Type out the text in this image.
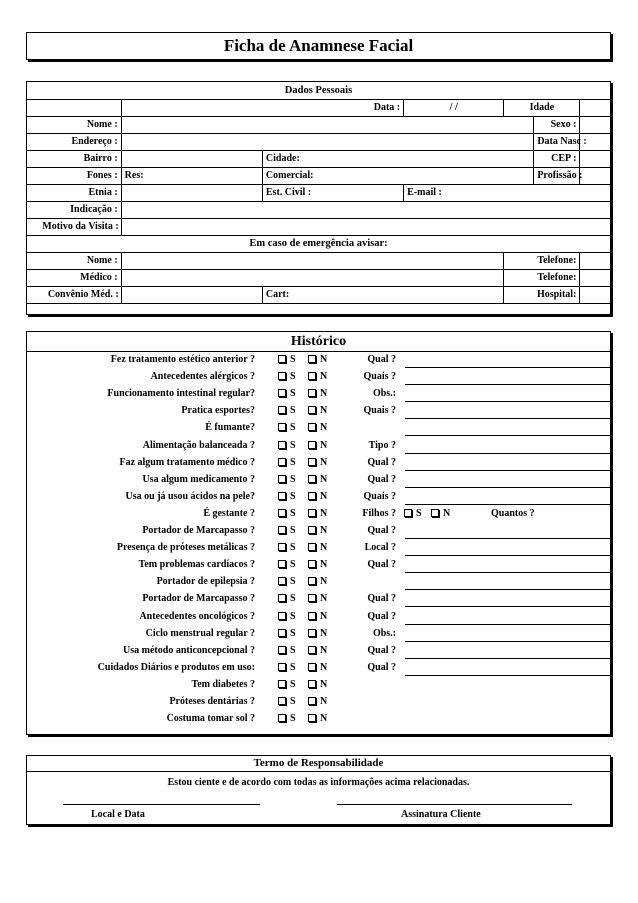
Ficha de Anamnese Facial
Dados Pessoais						
		Data :	/ /	Idade		
Nome :					Sexo :	
Endereço :					Data Nasc :	
Bairro :		Cidade:			CEP :	
Fones :	Res:	Comercial:			Profissão :	
Etnia :		Est. Civil :	E-mail :			
Indicação :						
Motivo da Visita :						
Em caso de emergência avisar:						
Nome :				Telefone:		
Médico :				Telefone:		
Convênio Méd. :		Cart:		Hospital:		
Histórico
Fez tratamento estético anterior ?	S	N	Qual ?
Antecedentes alérgicos ?	S	N	Quais ?
Funcionamento intestinal regular?	S	N	Obs.:
Pratica esportes?	S	N	Quais ?
É fumante?	S	N
Alimentação balanceada ?	S	N	Tipo ?
Faz algum tratamento médico ?	S	N	Qual ?
Usa algum medicamento ?	S	N	Qual ?
Usa ou já usou ácidos na pele?	S	N	Quais ?
É gestante ?	S	N	Filhos ?	S	N	Quantos ?
Portador de Marcapasso ?	S	N	Qual ?
Presença de próteses metálicas ?	S	N	Local ?
Tem problemas cardíacos ?	S	N	Qual ?
Portador de epilepsia ?	S	N
Portador de Marcapasso ?	S	N	Qual ?
Antecedentes oncológicos ?	S	N	Qual ?
Ciclo menstrual regular ?	S	N	Obs.:
Usa método anticoncepcional ?	S	N	Qual ?
Cuidados Diários e produtos em uso:	S	N	Qual ?
Tem diabetes ?	S	N
Próteses dentárias ?	S	N
Costuma tomar sol ?	S	N
Termo de Responsabilidade
Estou ciente e de acordo com todas as informações acima relacionadas.
Local e Data	Assinatura Cliente
